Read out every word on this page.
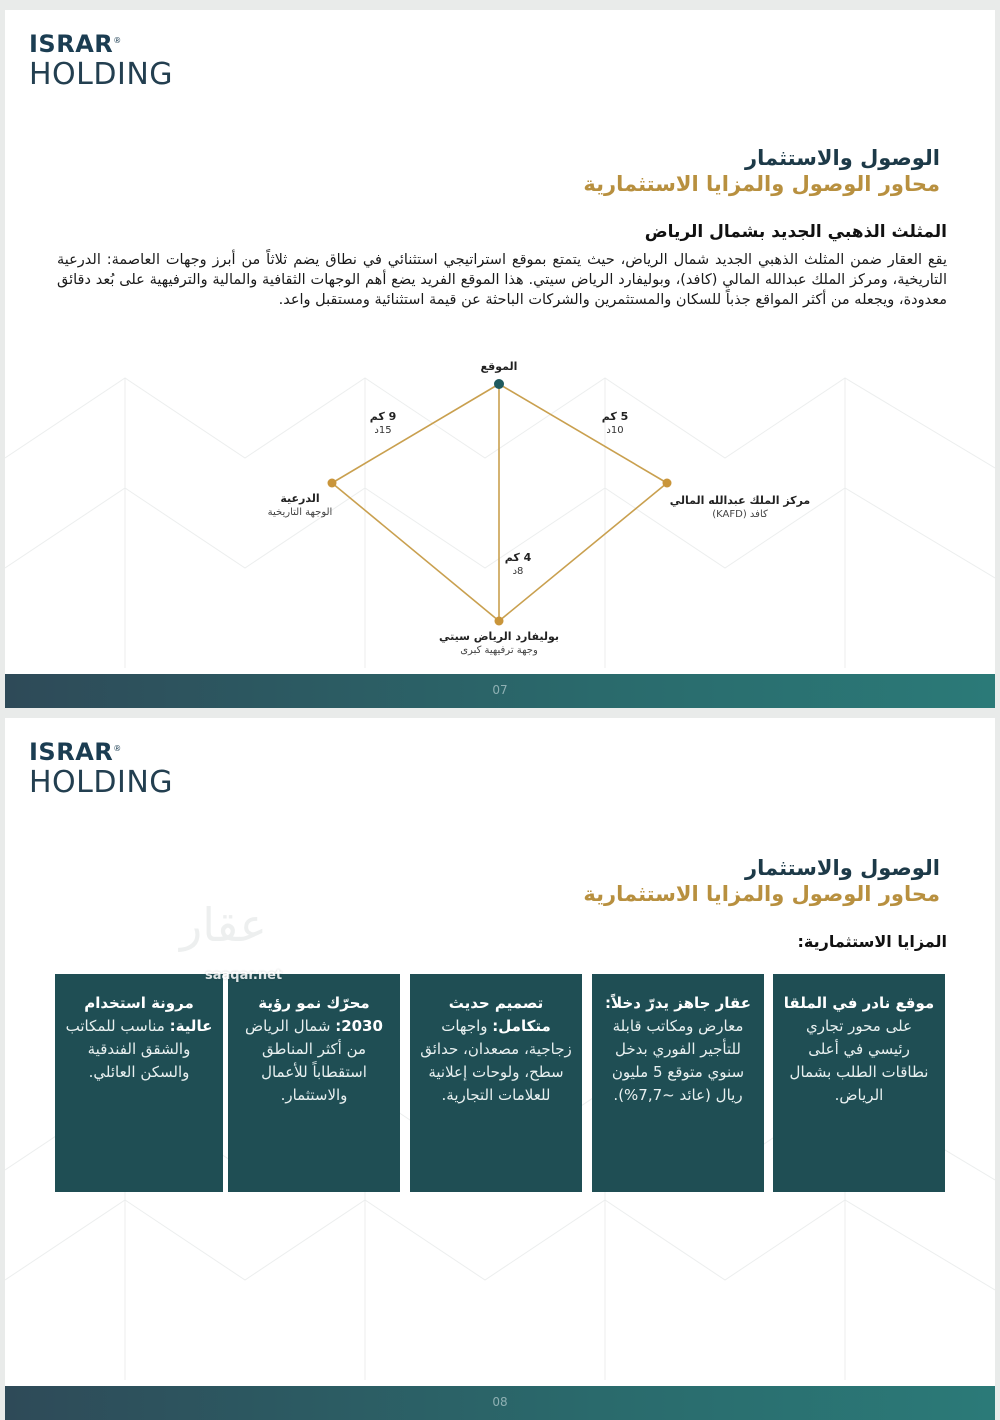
ISRAR®
HOLDING
الوصول والاستثمار
محاور الوصول والمزايا الاستثمارية
المثلث الذهبي الجديد بشمال الرياض
يقع العقار ضمن المثلث الذهبي الجديد شمال الرياض، حيث يتمتع بموقع استراتيجي استثنائي في نطاق يضم ثلاثاً من أبرز وجهات العاصمة: الدرعية التاريخية، ومركز الملك عبدالله المالي (كافد)، وبوليفارد الرياض سيتي. هذا الموقع الفريد يضع أهم الوجهات الثقافية والمالية والترفيهية على بُعد دقائق معدودة، ويجعله من أكثر المواقع جذباً للسكان والمستثمرين والشركات الباحثة عن قيمة استثنائية ومستقبل واعد.
الموقع
الدرعية
الوجهة التاريخية
مركز الملك عبدالله المالي
كافد (KAFD)
بوليفارد الرياض سيتي
وجهة ترفيهية كبرى
9 كم
15د
5 كم
10د
4 كم
8د
07
ISRAR®
HOLDING
الوصول والاستثمار
محاور الوصول والمزايا الاستثمارية
عقار	المزايا الاستثمارية:
موقع نادر في الملقا على محور تجاري رئيسي في أعلى نطاقات الطلب بشمال الرياض.
عقار جاهز يدرّ دخلاً: معارض ومكاتب قابلة للتأجير الفوري بدخل سنوي متوقع 5 مليون ريال (عائد ~7,7%).
تصميم حديث متكامل: واجهات زجاجية، مصعدان، حدائق سطح، ولوحات إعلانية للعلامات التجارية.
محرّك نمو رؤية 2030: شمال الرياض من أكثر المناطق استقطاباً للأعمال والاستثمار.
مرونة استخدام عالية: مناسب للمكاتب والشقق الفندقية والسكن العائلي.
saaqar.net
08
